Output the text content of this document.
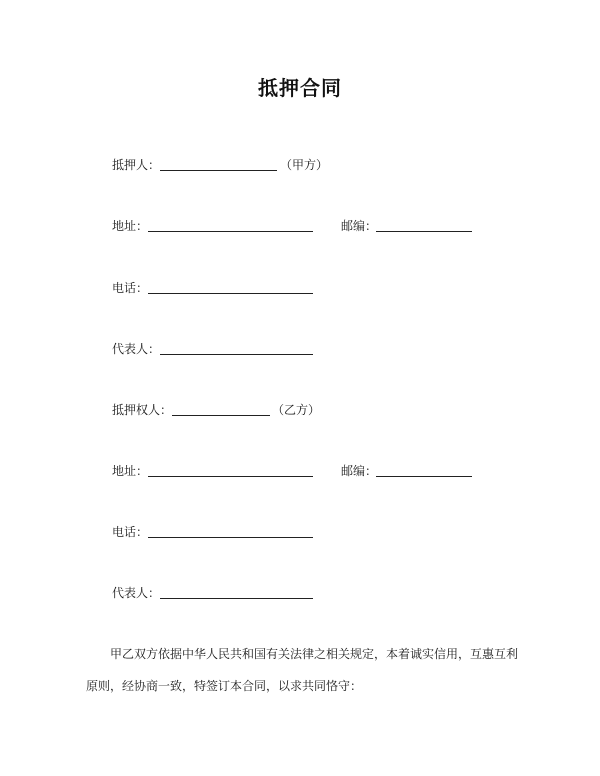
抵押合同
抵押人：	（甲方）
地址：	邮编：
电话：
代表人：
抵押权人：	（乙方）
地址：	邮编：
电话：
代表人：
甲乙双方依据中华人民共和国有关法律之相关规定，本着诚实信用，互惠互利
原则，经协商一致，特签订本合同，以求共同恪守：
